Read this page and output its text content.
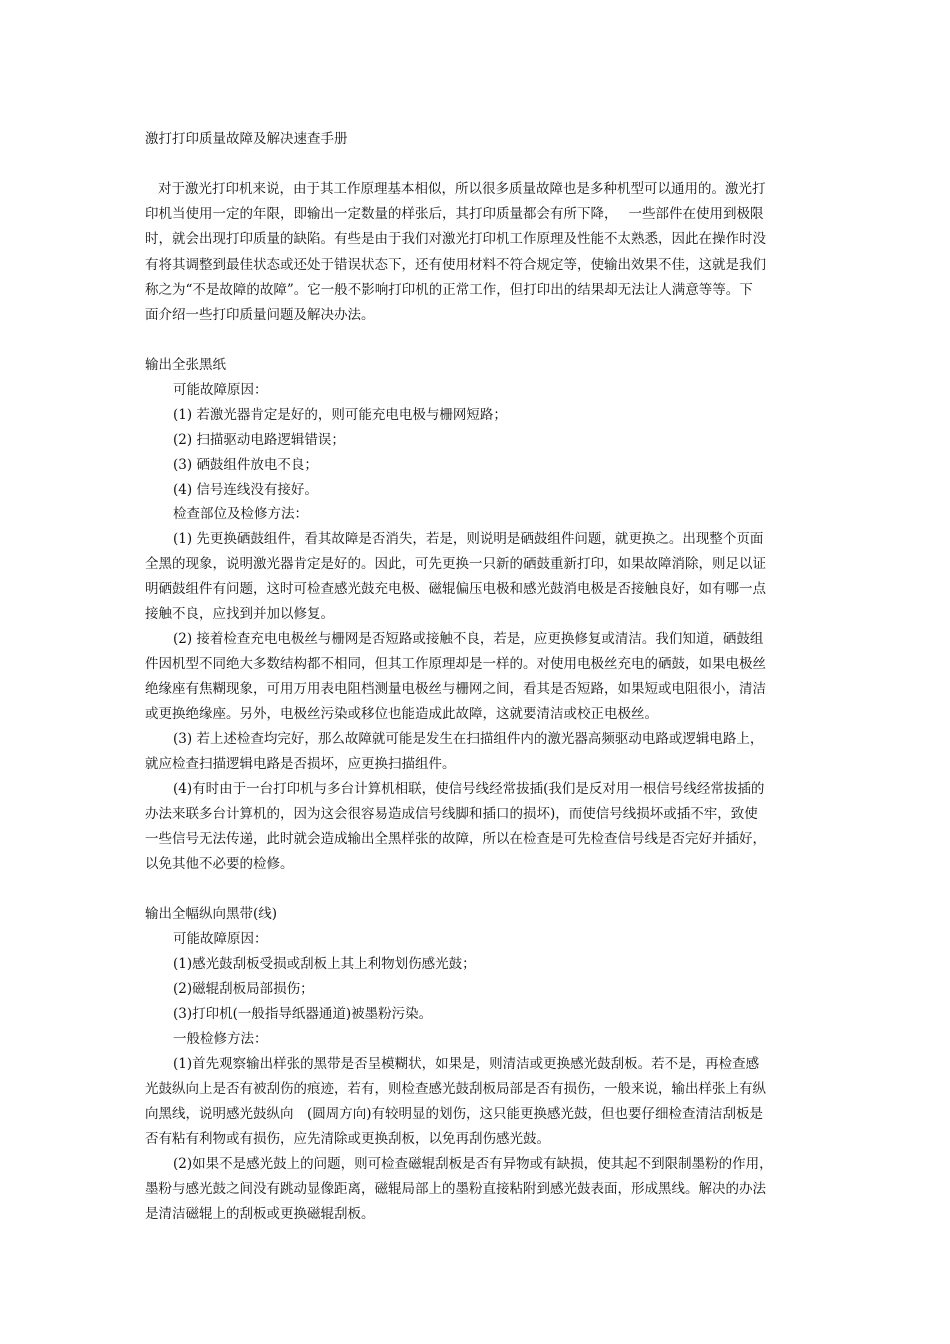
激打打印质量故障及解决速查手册
对于激光打印机来说，由于其工作原理基本相似，所以很多质量故障也是多种机型可以通用的。激光打
印机当使用一定的年限，即输出一定数量的样张后，其打印质量都会有所下降，　 一些部件在使用到极限
时，就会出现打印质量的缺陷。有些是由于我们对激光打印机工作原理及性能不太熟悉，因此在操作时没
有将其调整到最佳状态或还处于错误状态下，还有使用材料不符合规定等，使输出效果不佳，这就是我们
称之为“不是故障的故障”。它一般不影响打印机的正常工作，但打印出的结果却无法让人满意等等。下
面介绍一些打印质量问题及解决办法。
输出全张黑纸
可能故障原因：
(1) 若激光器肯定是好的，则可能充电电极与栅网短路；
(2) 扫描驱动电路逻辑错误；
(3) 硒鼓组件放电不良；
(4) 信号连线没有接好。
检查部位及检修方法：
(1) 先更换硒鼓组件，看其故障是否消失，若是，则说明是硒鼓组件问题，就更换之。出现整个页面
全黑的现象，说明激光器肯定是好的。因此，可先更换一只新的硒鼓重新打印，如果故障消除，则足以证
明硒鼓组件有问题，这时可检查感光鼓充电极、磁辊偏压电极和感光鼓消电极是否接触良好，如有哪一点
接触不良，应找到并加以修复。
(2) 接着检查充电电极丝与栅网是否短路或接触不良，若是，应更换修复或清洁。我们知道，硒鼓组
件因机型不同绝大多数结构都不相同，但其工作原理却是一样的。对使用电极丝充电的硒鼓，如果电极丝
绝缘座有焦糊现象，可用万用表电阻档测量电极丝与栅网之间，看其是否短路，如果短或电阻很小，清洁
或更换绝缘座。另外，电极丝污染或移位也能造成此故障，这就要清洁或校正电极丝。
(3) 若上述检查均完好，那么故障就可能是发生在扫描组件内的激光器高频驱动电路或逻辑电路上，
就应检查扫描逻辑电路是否损坏，应更换扫描组件。
(4)有时由于一台打印机与多台计算机相联，使信号线经常拔插(我们是反对用一根信号线经常拔插的
办法来联多台计算机的，因为这会很容易造成信号线脚和插口的损坏)，而使信号线损坏或插不牢，致使
一些信号无法传递，此时就会造成输出全黑样张的故障，所以在检查是可先检查信号线是否完好并插好，
以免其他不必要的检修。
输出全幅纵向黑带(线)
可能故障原因：
(1)感光鼓刮板受损或刮板上其上利物划伤感光鼓；
(2)磁辊刮板局部损伤；
(3)打印机(一般指导纸器通道)被墨粉污染。
一般检修方法：
(1)首先观察输出样张的黑带是否呈模糊状，如果是，则清洁或更换感光鼓刮板。若不是，再检查感
光鼓纵向上是否有被刮伤的痕迹，若有，则检查感光鼓刮板局部是否有损伤，一般来说，输出样张上有纵
向黑线，说明感光鼓纵向　(圆周方向)有较明显的划伤，这只能更换感光鼓，但也要仔细检查清洁刮板是
否有粘有利物或有损伤，应先清除或更换刮板，以免再刮伤感光鼓。
(2)如果不是感光鼓上的问题，则可检查磁辊刮板是否有异物或有缺损，使其起不到限制墨粉的作用，
墨粉与感光鼓之间没有跳动显像距离，磁辊局部上的墨粉直接粘附到感光鼓表面，形成黑线。解决的办法
是清洁磁辊上的刮板或更换磁辊刮板。
